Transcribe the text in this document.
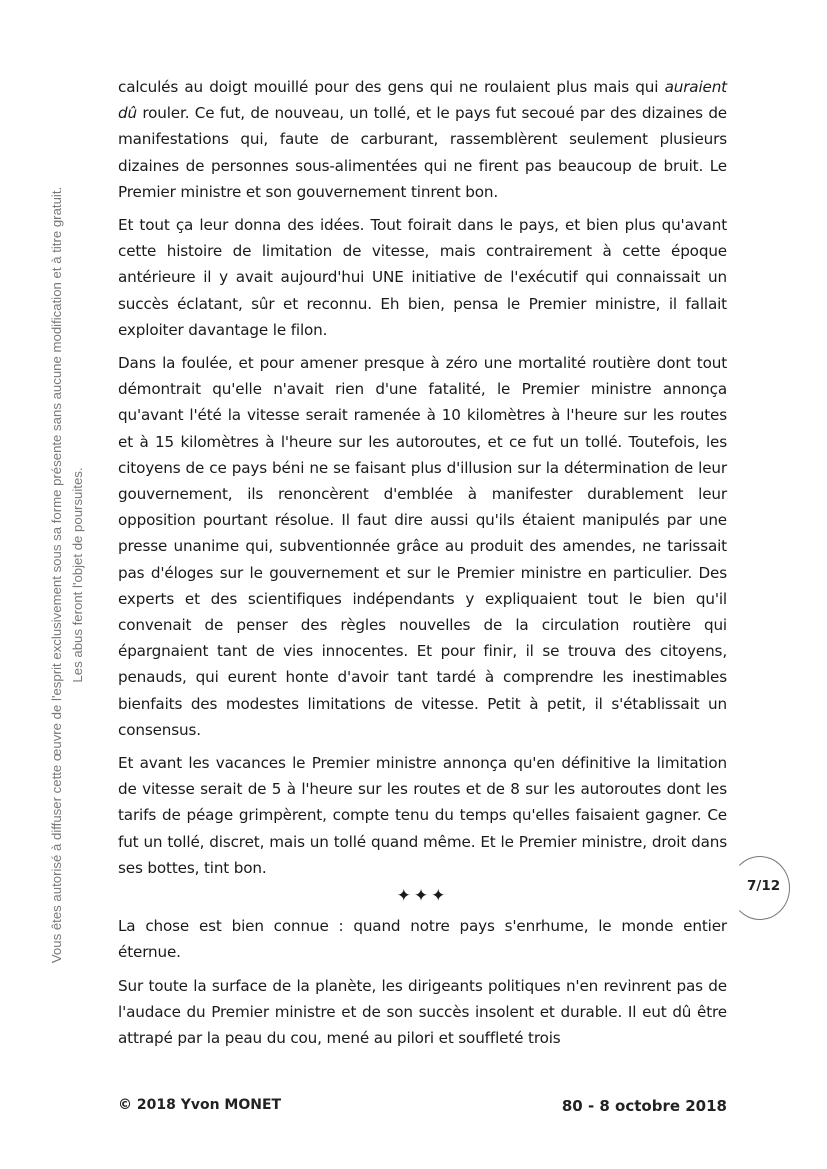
Vous êtes autorisé à diffuser cette œuvre de l'esprit exclusivement sous sa forme présente sans aucune modification et à titre gratuit. Les abus feront l'objet de poursuites.

calculés au doigt mouillé pour des gens qui ne roulaient plus mais qui auraient dû rouler. Ce fut, de nouveau, un tollé, et le pays fut secoué par des dizaines de manifestations qui, faute de carburant, rassemblèrent seulement plusieurs dizaines de personnes sous-alimentées qui ne firent pas beaucoup de bruit. Le Premier ministre et son gouvernement tinrent bon.

Et tout ça leur donna des idées. Tout foirait dans le pays, et bien plus qu'avant cette histoire de limitation de vitesse, mais contrairement à cette époque antérieure il y avait aujourd'hui UNE initiative de l'exécutif qui connaissait un succès éclatant, sûr et reconnu. Eh bien, pensa le Premier ministre, il fallait exploiter davantage le filon.

Dans la foulée, et pour amener presque à zéro une mortalité routière dont tout démontrait qu'elle n'avait rien d'une fatalité, le Premier ministre annonça qu'avant l'été la vitesse serait ramenée à 10 kilomètres à l'heure sur les routes et à 15 kilomètres à l'heure sur les autoroutes, et ce fut un tollé. Toutefois, les citoyens de ce pays béni ne se faisant plus d'illusion sur la détermination de leur gouvernement, ils renoncèrent d'emblée à manifester durablement leur opposition pourtant résolue. Il faut dire aussi qu'ils étaient manipulés par une presse unanime qui, subventionnée grâce au produit des amendes, ne tarissait pas d'éloges sur le gouvernement et sur le Premier ministre en particulier. Des experts et des scientifiques indépendants y expliquaient tout le bien qu'il convenait de penser des règles nouvelles de la circulation routière qui épargnaient tant de vies innocentes. Et pour finir, il se trouva des citoyens, penauds, qui eurent honte d'avoir tant tardé à comprendre les inestimables bienfaits des modestes limitations de vitesse. Petit à petit, il s'établissait un consensus.

Et avant les vacances le Premier ministre annonça qu'en définitive la limitation de vitesse serait de 5 à l'heure sur les routes et de 8 sur les autoroutes dont les tarifs de péage grimpèrent, compte tenu du temps qu'elles faisaient gagner. Ce fut un tollé, discret, mais un tollé quand même. Et le Premier ministre, droit dans ses bottes, tint bon.

✦✦✦

La chose est bien connue : quand notre pays s'enrhume, le monde entier éternue.

Sur toute la surface de la planète, les dirigeants politiques n'en revinrent pas de l'audace du Premier ministre et de son succès insolent et durable. Il eut dû être attrapé par la peau du cou, mené au pilori et souffleté trois

7/12
© 2018 Yvon MONET	80 - 8 octobre 2018
